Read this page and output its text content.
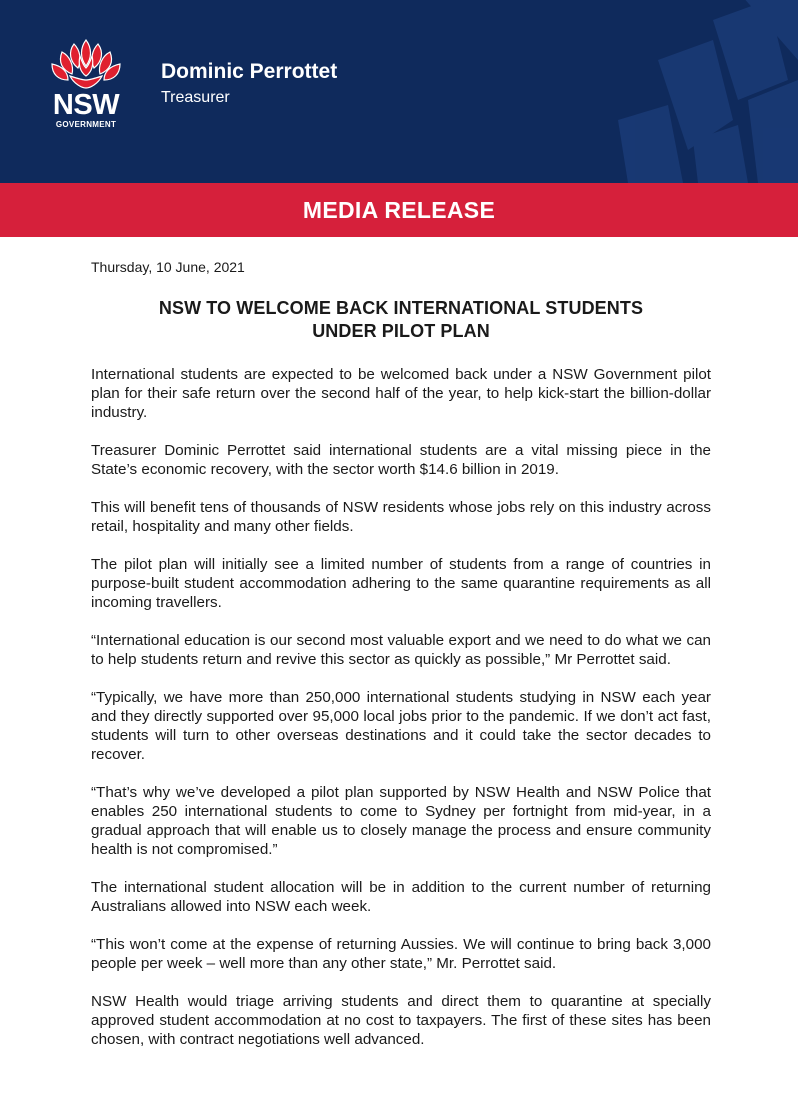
NSW
GOVERNMENT
Dominic Perrottet
Treasurer
MEDIA RELEASE

Thursday, 10 June, 2021

NSW TO WELCOME BACK INTERNATIONAL STUDENTS
UNDER PILOT PLAN

International students are expected to be welcomed back under a NSW Government pilot plan for their safe return over the second half of the year, to help kick-start the billion-dollar industry.

Treasurer Dominic Perrottet said international students are a vital missing piece in the State’s economic recovery, with the sector worth $14.6 billion in 2019.

This will benefit tens of thousands of NSW residents whose jobs rely on this industry across retail, hospitality and many other fields.

The pilot plan will initially see a limited number of students from a range of countries in purpose-built student accommodation adhering to the same quarantine requirements as all incoming travellers.

“International education is our second most valuable export and we need to do what we can to help students return and revive this sector as quickly as possible,” Mr Perrottet said.

“Typically, we have more than 250,000 international students studying in NSW each year and they directly supported over 95,000 local jobs prior to the pandemic. If we don’t act fast, students will turn to other overseas destinations and it could take the sector decades to recover.

“That’s why we’ve developed a pilot plan supported by NSW Health and NSW Police that enables 250 international students to come to Sydney per fortnight from mid-year, in a gradual approach that will enable us to closely manage the process and ensure community health is not compromised.”

The international student allocation will be in addition to the current number of returning Australians allowed into NSW each week.

“This won’t come at the expense of returning Aussies. We will continue to bring back 3,000 people per week – well more than any other state,” Mr. Perrottet said.

NSW Health would triage arriving students and direct them to quarantine at specially approved student accommodation at no cost to taxpayers. The first of these sites has been chosen, with contract negotiations well advanced.
